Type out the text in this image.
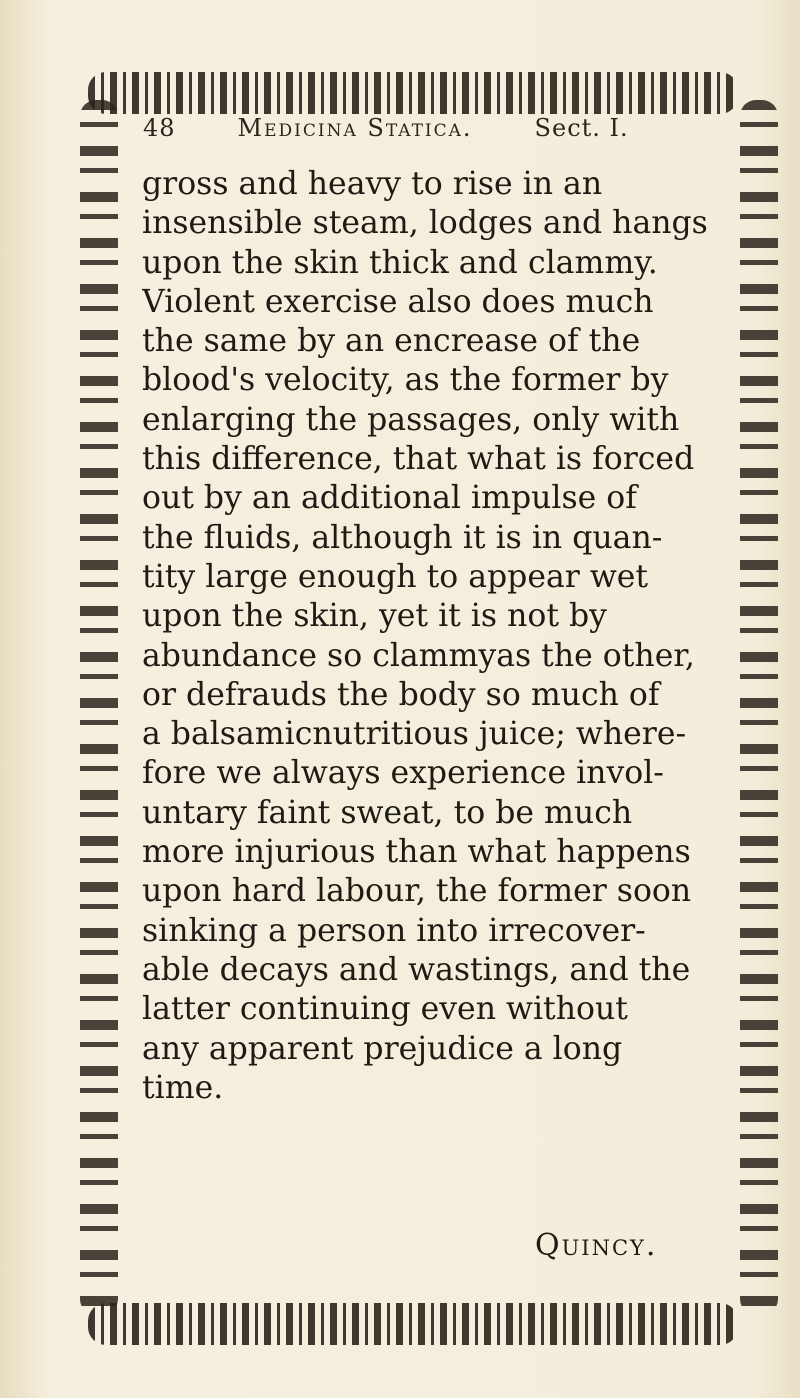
48	Medicina Statica.	Sect. I.
gross and heavy to rise in an
insensible steam, lodges and hangs
upon the skin thick and clammy.
Violent exercise also does much
the same by an encrease of the
blood's velocity, as the former by
enlarging the passages, only with
this difference, that what is forced
out by an additional impulse of
the fluids, although it is in quan-
tity large enough to appear wet
upon the skin, yet it is not by
abundance so clammyas the other,
or defrauds the body so much of
a balsamicnutritious juice; where-
fore we always experience invol-
untary faint sweat, to be much
more injurious than what happens
upon hard labour, the former soon
sinking a person into irrecover-
able decays and wastings, and the
latter continuing even without
any apparent prejudice a long
time.
Quincy.
